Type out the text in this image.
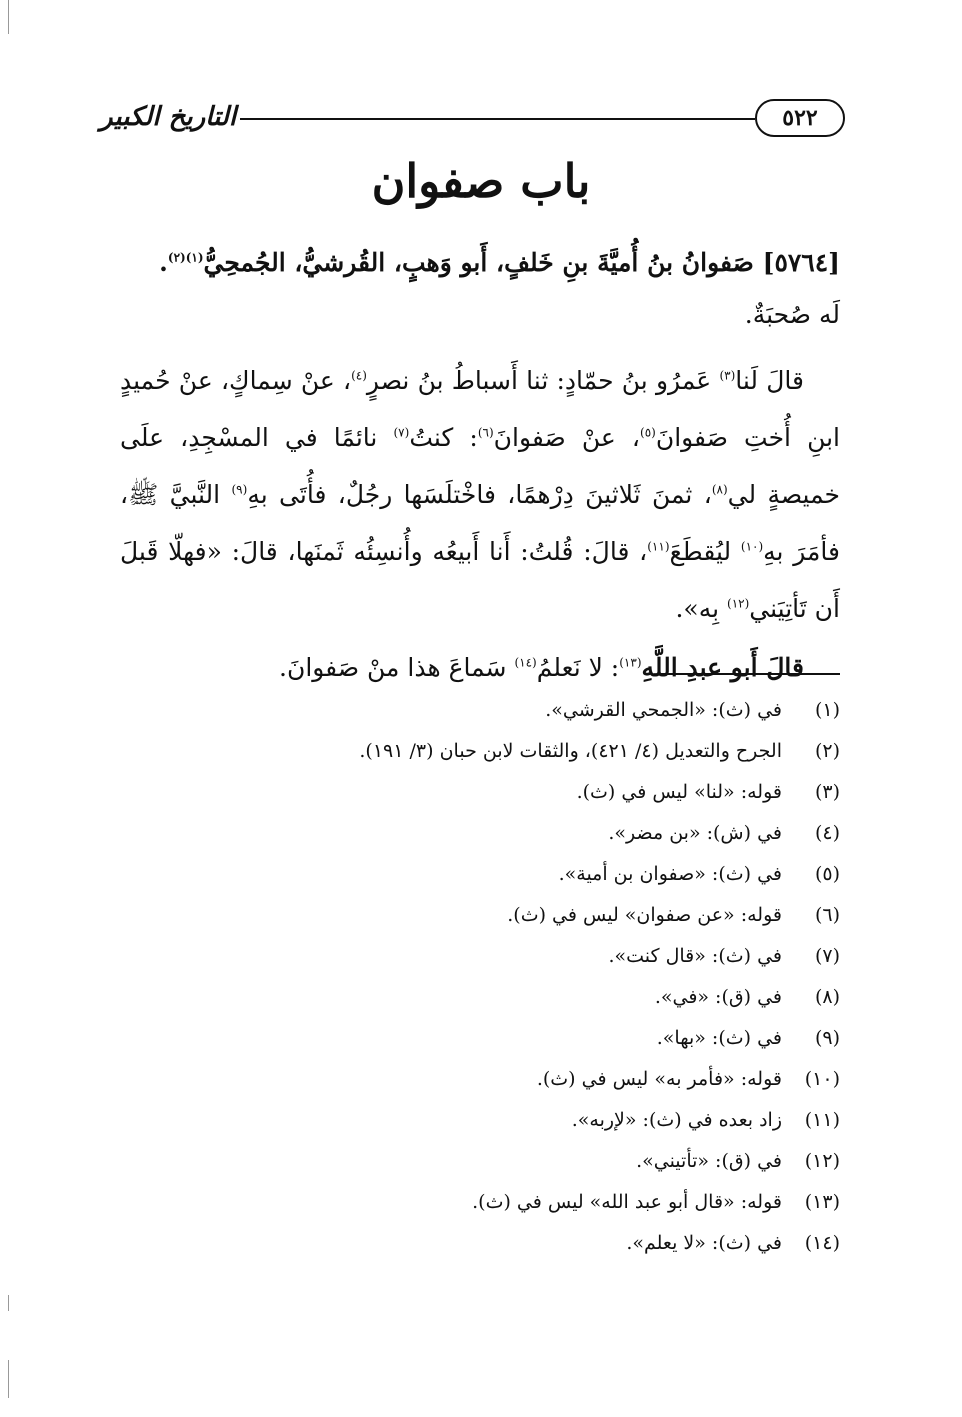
٥٢٢
التاريخ الكبير
باب صفوان

[٥٧٦٤] صَفوانُ بنُ أُميَّةَ بنِ خَلفٍ، أَبو وَهبٍ، القُرشيُّ، الجُمحِيُّ$^{(١)(٢)}$.

لَه صُحبَةٌ.

قالَ لَنا$^{(٣)}$ عَمرُو بنُ حمّادٍ: ثنا أَسباطُ بنُ نصرٍ$^{(٤)}$، عنْ سِماكٍ، عنْ حُميدٍ ابنِ أُختِ صَفوانَ$^{(٥)}$، عنْ صَفوانَ$^{(٦)}$: كنتُ$^{(٧)}$ نائمًا في المسْجِدِ، علَى خميصةٍ لي$^{(٨)}$، ثمنَ ثَلاثينَ دِرْهمًا، فاخْتلَسَها رجُلٌ، فأُتَى بهِ$^{(٩)}$ النَّبيَّ ﷺ، فأمَرَ بهِ$^{(١٠)}$ ليُقطَعَ$^{(١١)}$، قالَ: قُلتُ: أَنا أَبيعُه وأُنسِئُه ثَمنَها، قالَ: «فهلّا قَبلَ أَن تَأتِيَني$^{(١٢)}$ بِه».

قالَ أَبو عبدِ اللَّهِ$^{(١٣)}$: لا نَعلمُ$^{(١٤)}$ سَماعَ هذا منْ صَفوانَ.

(١)في (ث): «الجمحي القرشي».
(٢)الجرح والتعديل (٤/ ٤٢١)، والثقات لابن حبان (٣/ ١٩١).
(٣)قوله: «لنا» ليس في (ث).
(٤)في (ش): «بن مضر».
(٥)في (ث): «صفوان بن أمية».
(٦)قوله: «عن صفوان» ليس في (ث).
(٧)في (ث): «قال كنت».
(٨)في (ق): «في».
(٩)في (ث): «بها».
(١٠)قوله: «فأمر به» ليس في (ث).
(١١)زاد بعده في (ث): «لإربه».
(١٢)في (ق): «تأتيني».
(١٣)قوله: «قال أبو عبد الله» ليس في (ث).
(١٤)في (ث): «لا يعلم».
